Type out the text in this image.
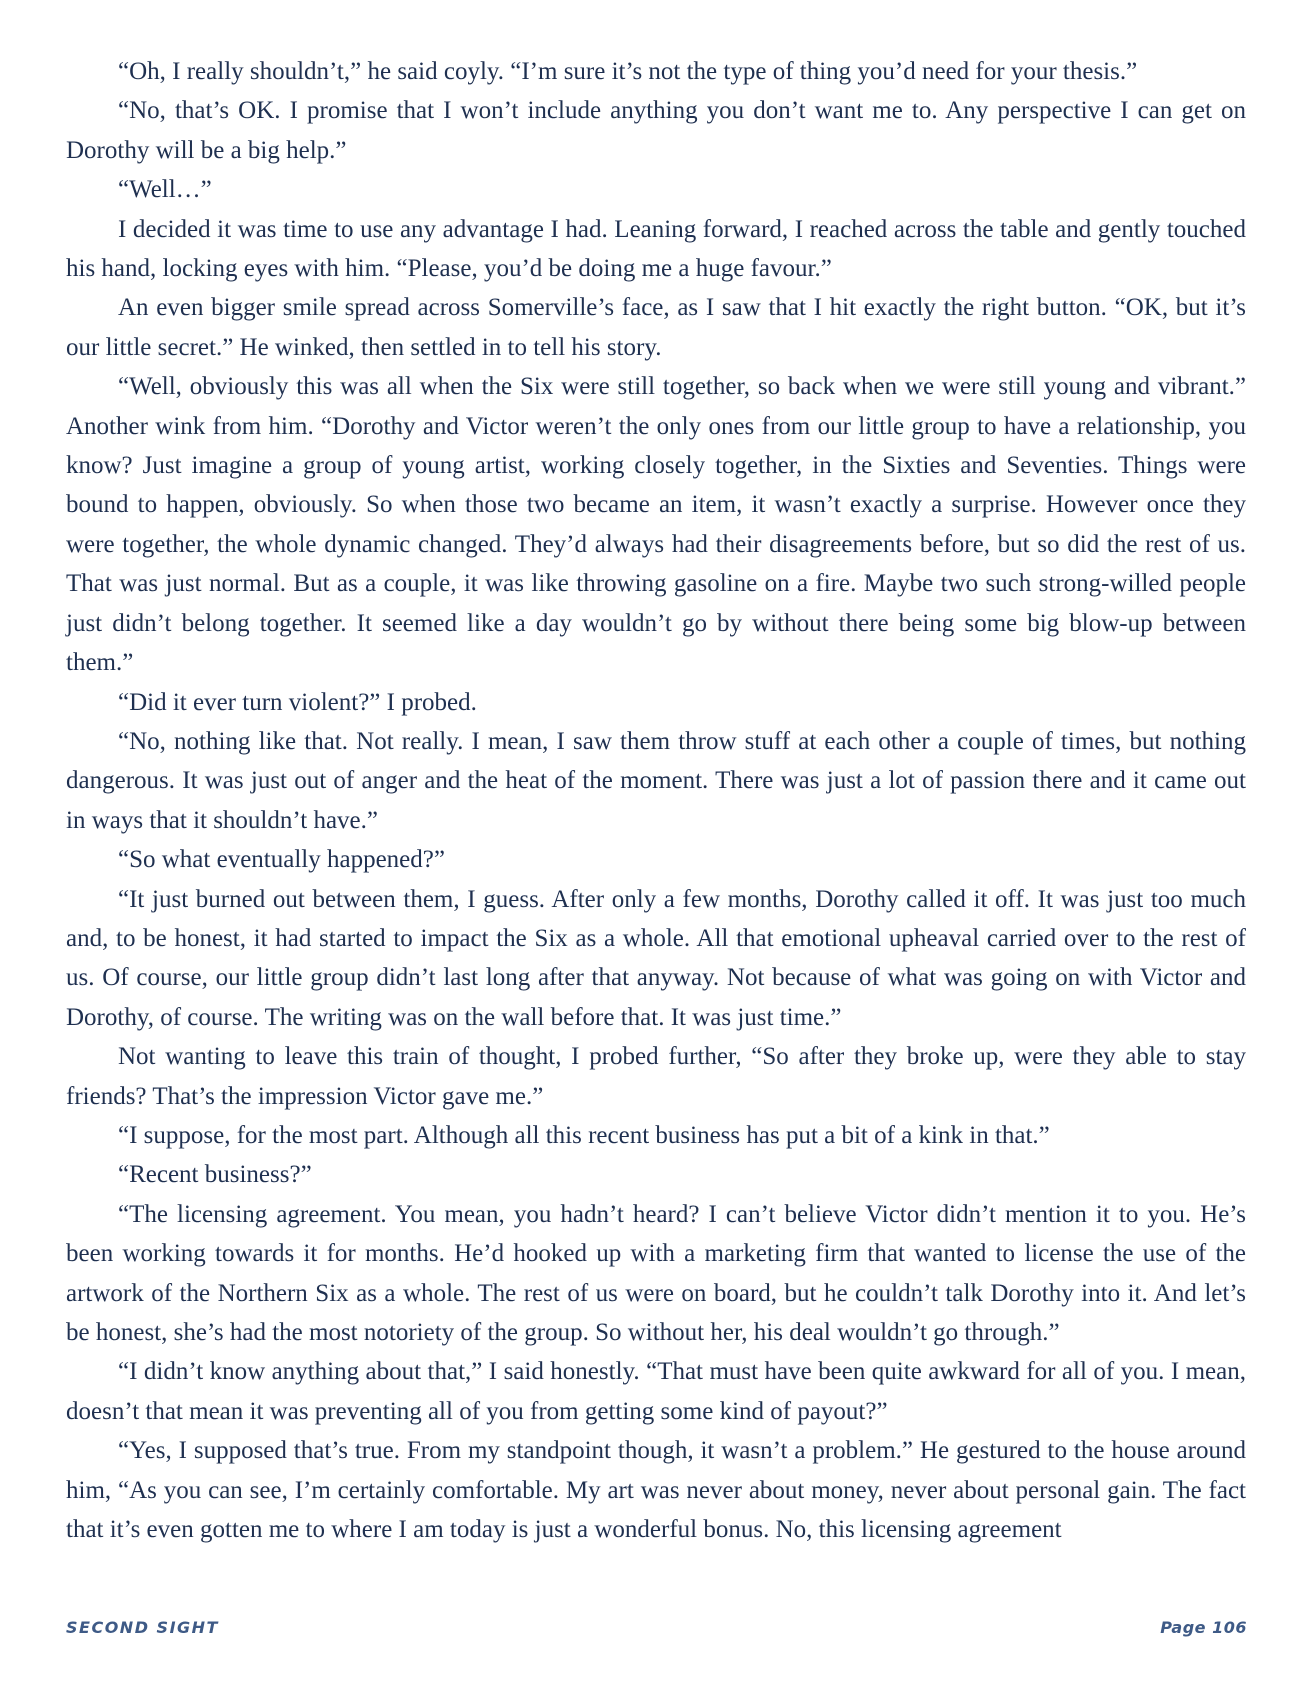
“Oh, I really shouldn’t,” he said coyly. “I’m sure it’s not the type of thing you’d need for your thesis.”

“No, that’s OK. I promise that I won’t include anything you don’t want me to. Any perspective I can get on Dorothy will be a big help.”

“Well…”

I decided it was time to use any advantage I had. Leaning forward, I reached across the table and gently touched his hand, locking eyes with him. “Please, you’d be doing me a huge favour.”

An even bigger smile spread across Somerville’s face, as I saw that I hit exactly the right button. “OK, but it’s our little secret.” He winked, then settled in to tell his story.

“Well, obviously this was all when the Six were still together, so back when we were still young and vibrant.” Another wink from him. “Dorothy and Victor weren’t the only ones from our little group to have a relationship, you know? Just imagine a group of young artist, working closely together, in the Sixties and Seventies. Things were bound to happen, obviously. So when those two became an item, it wasn’t exactly a surprise. However once they were together, the whole dynamic changed. They’d always had their disagreements before, but so did the rest of us. That was just normal. But as a couple, it was like throwing gasoline on a fire. Maybe two such strong-willed people just didn’t belong together. It seemed like a day wouldn’t go by without there being some big blow-up between them.”

“Did it ever turn violent?” I probed.

“No, nothing like that. Not really. I mean, I saw them throw stuff at each other a couple of times, but nothing dangerous. It was just out of anger and the heat of the moment. There was just a lot of passion there and it came out in ways that it shouldn’t have.”

“So what eventually happened?”

“It just burned out between them, I guess. After only a few months, Dorothy called it off. It was just too much and, to be honest, it had started to impact the Six as a whole. All that emotional upheaval carried over to the rest of us. Of course, our little group didn’t last long after that anyway. Not because of what was going on with Victor and Dorothy, of course. The writing was on the wall before that. It was just time.”

Not wanting to leave this train of thought, I probed further, “So after they broke up, were they able to stay friends? That’s the impression Victor gave me.”

“I suppose, for the most part. Although all this recent business has put a bit of a kink in that.”

“Recent business?”

“The licensing agreement. You mean, you hadn’t heard? I can’t believe Victor didn’t mention it to you. He’s been working towards it for months. He’d hooked up with a marketing firm that wanted to license the use of the artwork of the Northern Six as a whole. The rest of us were on board, but he couldn’t talk Dorothy into it. And let’s be honest, she’s had the most notoriety of the group. So without her, his deal wouldn’t go through.”

“I didn’t know anything about that,” I said honestly. “That must have been quite awkward for all of you. I mean, doesn’t that mean it was preventing all of you from getting some kind of payout?”

“Yes, I supposed that’s true. From my standpoint though, it wasn’t a problem.” He gestured to the house around him, “As you can see, I’m certainly comfortable. My art was never about money, never about personal gain. The fact that it’s even gotten me to where I am today is just a wonderful bonus. No, this licensing agreement

SECOND SIGHT	Page 106
